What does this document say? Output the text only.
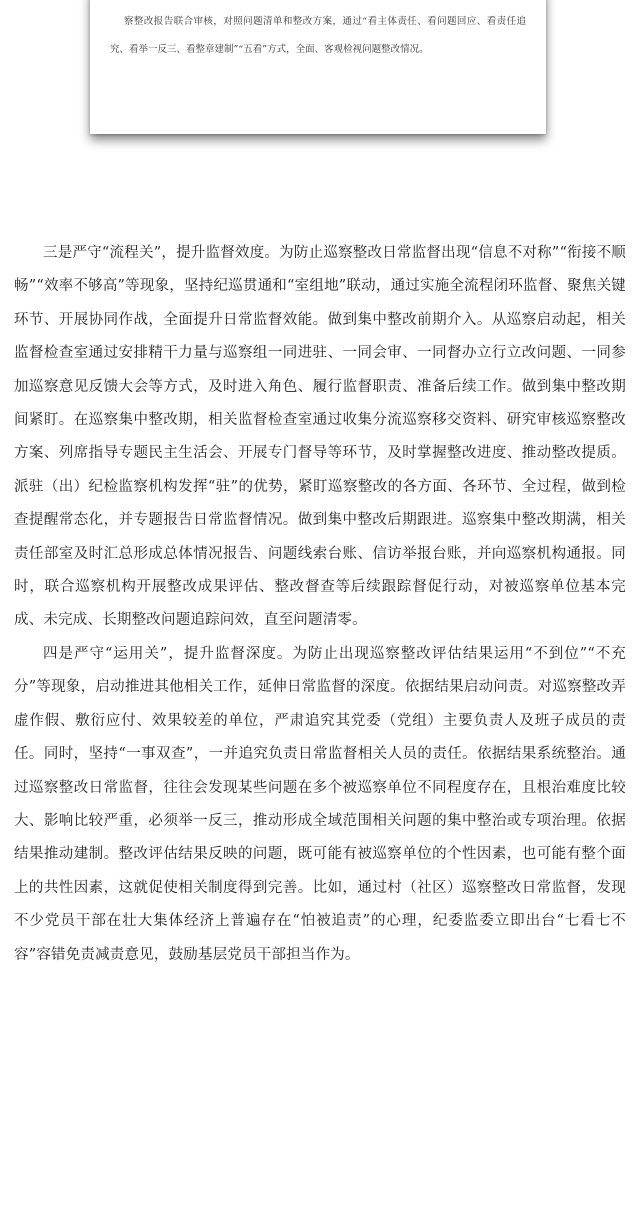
察整改报告联合审核，对照问题清单和整改方案，通过“看主体责任、看问题回应、看责任追究、看举一反三、看整章建制”“五看”方式，全面、客观检视问题整改情况。

三是严守“流程关”，提升监督效度。为防止巡察整改日常监督出现“信息不对称”“衔接不顺畅”“效率不够高”等现象，坚持纪巡贯通和“室组地”联动，通过实施全流程闭环监督、聚焦关键环节、开展协同作战，全面提升日常监督效能。做到集中整改前期介入。从巡察启动起，相关监督检查室通过安排精干力量与巡察组一同进驻、一同会审、一同督办立行立改问题、一同参加巡察意见反馈大会等方式，及时进入角色、履行监督职责、准备后续工作。做到集中整改期间紧盯。在巡察集中整改期，相关监督检查室通过收集分流巡察移交资料、研究审核巡察整改方案、列席指导专题民主生活会、开展专门督导等环节，及时掌握整改进度、推动整改提质。派驻（出）纪检监察机构发挥“驻”的优势，紧盯巡察整改的各方面、各环节、全过程，做到检查提醒常态化，并专题报告日常监督情况。做到集中整改后期跟进。巡察集中整改期满，相关责任部室及时汇总形成总体情况报告、问题线索台账、信访举报台账，并向巡察机构通报。同时，联合巡察机构开展整改成果评估、整改督查等后续跟踪督促行动，对被巡察单位基本完成、未完成、长期整改问题追踪问效，直至问题清零。

四是严守“运用关”，提升监督深度。为防止出现巡察整改评估结果运用“不到位”“不充分”等现象，启动推进其他相关工作，延伸日常监督的深度。依据结果启动问责。对巡察整改弄虚作假、敷衍应付、效果较差的单位，严肃追究其党委（党组）主要负责人及班子成员的责任。同时，坚持“一事双查”，一并追究负责日常监督相关人员的责任。依据结果系统整治。通过巡察整改日常监督，往往会发现某些问题在多个被巡察单位不同程度存在，且根治难度比较大、影响比较严重，必须举一反三，推动形成全域范围相关问题的集中整治或专项治理。依据结果推动建制。整改评估结果反映的问题，既可能有被巡察单位的个性因素，也可能有整个面上的共性因素，这就促使相关制度得到完善。比如，通过村（社区）巡察整改日常监督，发现不少党员干部在壮大集体经济上普遍存在“怕被追责”的心理，纪委监委立即出台“七看七不容”容错免责减责意见，鼓励基层党员干部担当作为。
